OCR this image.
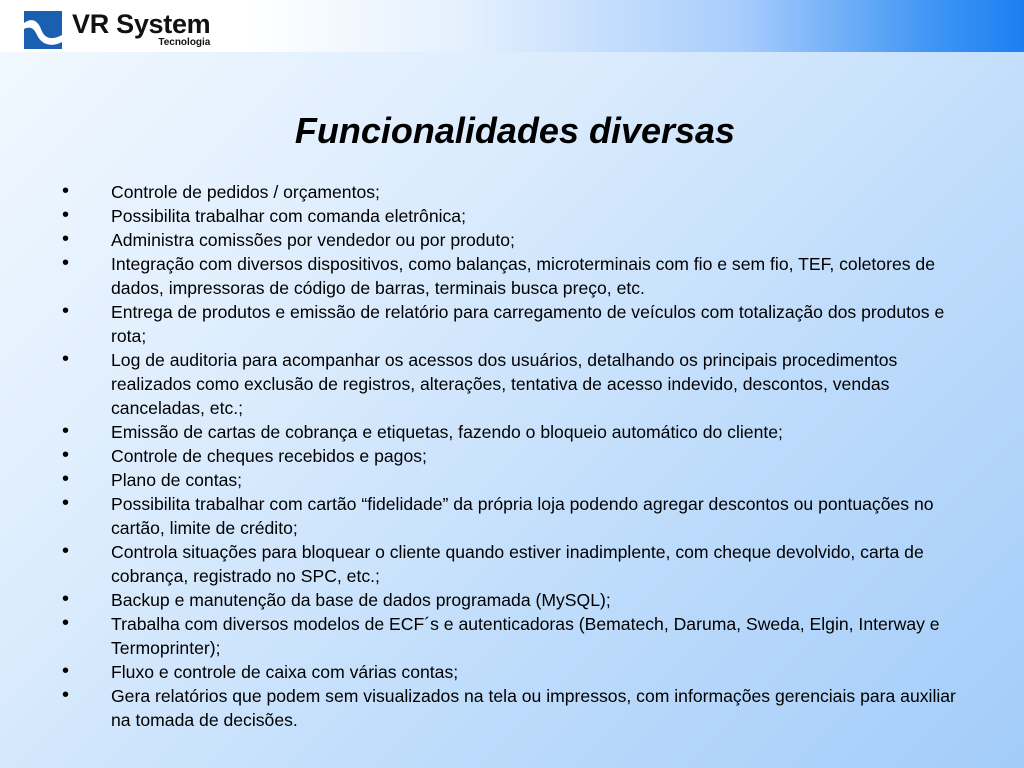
VR System
Tecnologia
Funcionalidades diversas
• Controle de pedidos / orçamentos;
• Possibilita trabalhar com comanda eletrônica;
• Administra comissões por vendedor ou por produto;
• Integração com diversos dispositivos, como balanças, microterminais com fio e sem fio, TEF, coletores de dados, impressoras de código de barras, terminais busca preço, etc.
• Entrega de produtos e emissão de relatório para carregamento de veículos com totalização dos produtos e rota;
• Log de auditoria para acompanhar os acessos dos usuários, detalhando os principais procedimentos realizados como exclusão de registros, alterações, tentativa de acesso indevido, descontos, vendas canceladas, etc.;
• Emissão de cartas de cobrança e etiquetas, fazendo o bloqueio automático do cliente;
• Controle de cheques recebidos e pagos;
• Plano de contas;
• Possibilita trabalhar com cartão “fidelidade” da própria loja podendo agregar descontos ou pontuações no cartão, limite de crédito;
• Controla situações para bloquear o cliente quando estiver inadimplente, com cheque devolvido, carta de cobrança, registrado no SPC, etc.;
• Backup e manutenção da base de dados programada (MySQL);
• Trabalha com diversos modelos de ECF´s e autenticadoras (Bematech, Daruma, Sweda, Elgin, Interway e Termoprinter);
• Fluxo e controle de caixa com várias contas;
• Gera relatórios que podem sem visualizados na tela ou impressos, com informações gerenciais para auxiliar na tomada de decisões.
